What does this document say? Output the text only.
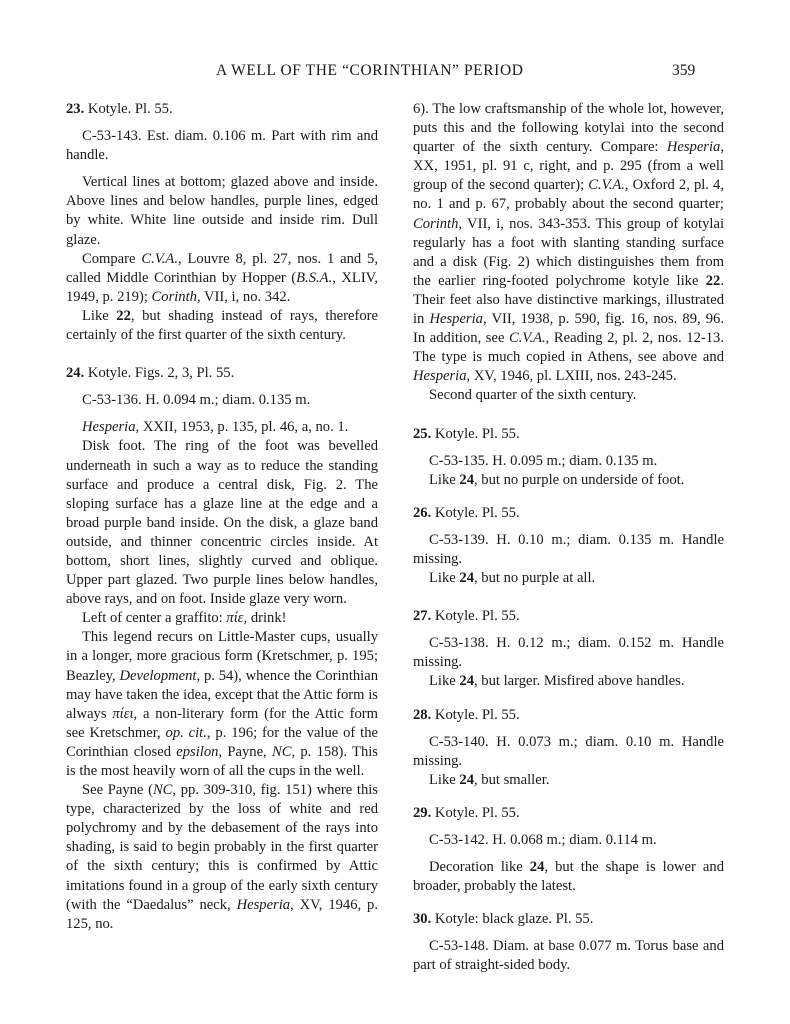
A WELL OF THE “CORINTHIAN” PERIOD	359

23. Kotyle. Pl. 55.

C-53-143. Est. diam. 0.106 m. Part with rim and handle.

Vertical lines at bottom; glazed above and inside. Above lines and below handles, purple lines, edged by white. White line outside and inside rim. Dull glaze.

Compare C.V.A., Louvre 8, pl. 27, nos. 1 and 5, called Middle Corinthian by Hopper (B.S.A., XLIV, 1949, p. 219); Corinth, VII, i, no. 342.

Like 22, but shading instead of rays, therefore certainly of the first quarter of the sixth century.

24. Kotyle. Figs. 2, 3, Pl. 55.

C-53-136. H. 0.094 m.; diam. 0.135 m.

Hesperia, XXII, 1953, p. 135, pl. 46, a, no. 1.

Disk foot. The ring of the foot was bevelled underneath in such a way as to reduce the standing surface and produce a central disk, Fig. 2. The sloping surface has a glaze line at the edge and a broad purple band inside. On the disk, a glaze band outside, and thinner concentric circles inside. At bottom, short lines, slightly curved and oblique. Upper part glazed. Two purple lines below handles, above rays, and on foot. Inside glaze very worn.

Left of center a graffito: πίε, drink!

This legend recurs on Little-Master cups, usually in a longer, more gracious form (Kretschmer, p. 195; Beazley, Development, p. 54), whence the Corinthian may have taken the idea, except that the Attic form is always πίει, a non-literary form (for the Attic form see Kretschmer, op. cit., p. 196; for the value of the Corinthian closed epsilon, Payne, NC, p. 158). This is the most heavily worn of all the cups in the well.

See Payne (NC, pp. 309-310, fig. 151) where this type, characterized by the loss of white and red polychromy and by the debasement of the rays into shading, is said to begin probably in the first quarter of the sixth century; this is confirmed by Attic imitations found in a group of the early sixth century (with the “Daedalus” neck, Hesperia, XV, 1946, p. 125, no.

6). The low craftsmanship of the whole lot, however, puts this and the following kotylai into the second quarter of the sixth century. Compare: Hesperia, XX, 1951, pl. 91 c, right, and p. 295 (from a well group of the second quarter); C.V.A., Oxford 2, pl. 4, no. 1 and p. 67, probably about the second quarter; Corinth, VII, i, nos. 343-353. This group of kotylai regularly has a foot with slanting standing surface and a disk (Fig. 2) which distinguishes them from the earlier ring-footed polychrome kotyle like 22. Their feet also have distinctive markings, illustrated in Hesperia, VII, 1938, p. 590, fig. 16, nos. 89, 96. In addition, see C.V.A., Reading 2, pl. 2, nos. 12-13. The type is much copied in Athens, see above and Hesperia, XV, 1946, pl. LXIII, nos. 243-245.

Second quarter of the sixth century.

25. Kotyle. Pl. 55.

C-53-135. H. 0.095 m.; diam. 0.135 m.

Like 24, but no purple on underside of foot.

26. Kotyle. Pl. 55.

C-53-139. H. 0.10 m.; diam. 0.135 m. Handle missing.

Like 24, but no purple at all.

27. Kotyle. Pl. 55.

C-53-138. H. 0.12 m.; diam. 0.152 m. Handle missing.

Like 24, but larger. Misfired above handles.

28. Kotyle. Pl. 55.

C-53-140. H. 0.073 m.; diam. 0.10 m. Handle missing.

Like 24, but smaller.

29. Kotyle. Pl. 55.

C-53-142. H. 0.068 m.; diam. 0.114 m.

Decoration like 24, but the shape is lower and broader, probably the latest.

30. Kotyle: black glaze. Pl. 55.

C-53-148. Diam. at base 0.077 m. Torus base and part of straight-sided body.
